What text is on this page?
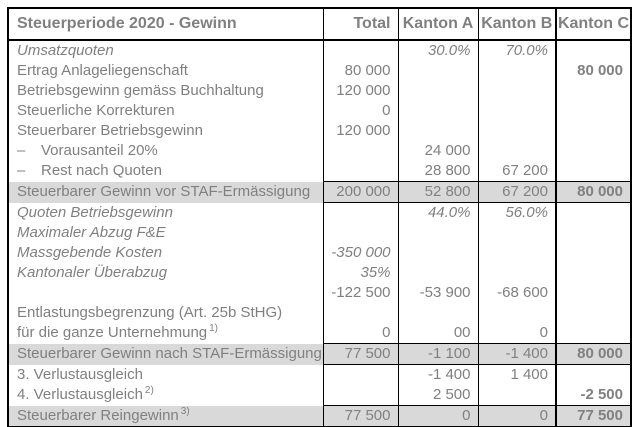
Steuerperiode 2020 - Gewinn	Total	Kanton A	Kanton B	Kanton C
Umsatzquoten		30.0%	70.0%	
Ertrag Anlageliegenschaft	80 000			80 000
Betriebsgewinn gemäss Buchhaltung	120 000			
Steuerliche Korrekturen	0			
Steuerbarer Betriebsgewinn	120 000			
– Vorausanteil 20%		24 000		
– Rest nach Quoten		28 800	67 200	
Steuerbarer Gewinn vor STAF-Ermässigung	200 000	52 800	67 200	80 000
Quoten Betriebsgewinn		44.0%	56.0%	
Maximaler Abzug F&E				
Massgebende Kosten	-350 000			
Kantonaler Überabzug	35%			
	-122 500	-53 900	-68 600	
Entlastungsbegrenzung (Art. 25b StHG)				
für die ganze Unternehmung $^{1)}$	0	00	0	
Steuerbarer Gewinn nach STAF-Ermässigung	77 500	-1 100	-1 400	80 000
3. Verlustausgleich		-1 400	1 400	
4. Verlustausgleich $^{2)}$		2 500		-2 500
Steuerbarer Reingewinn $^{3)}$	77 500	0	0	77 500
